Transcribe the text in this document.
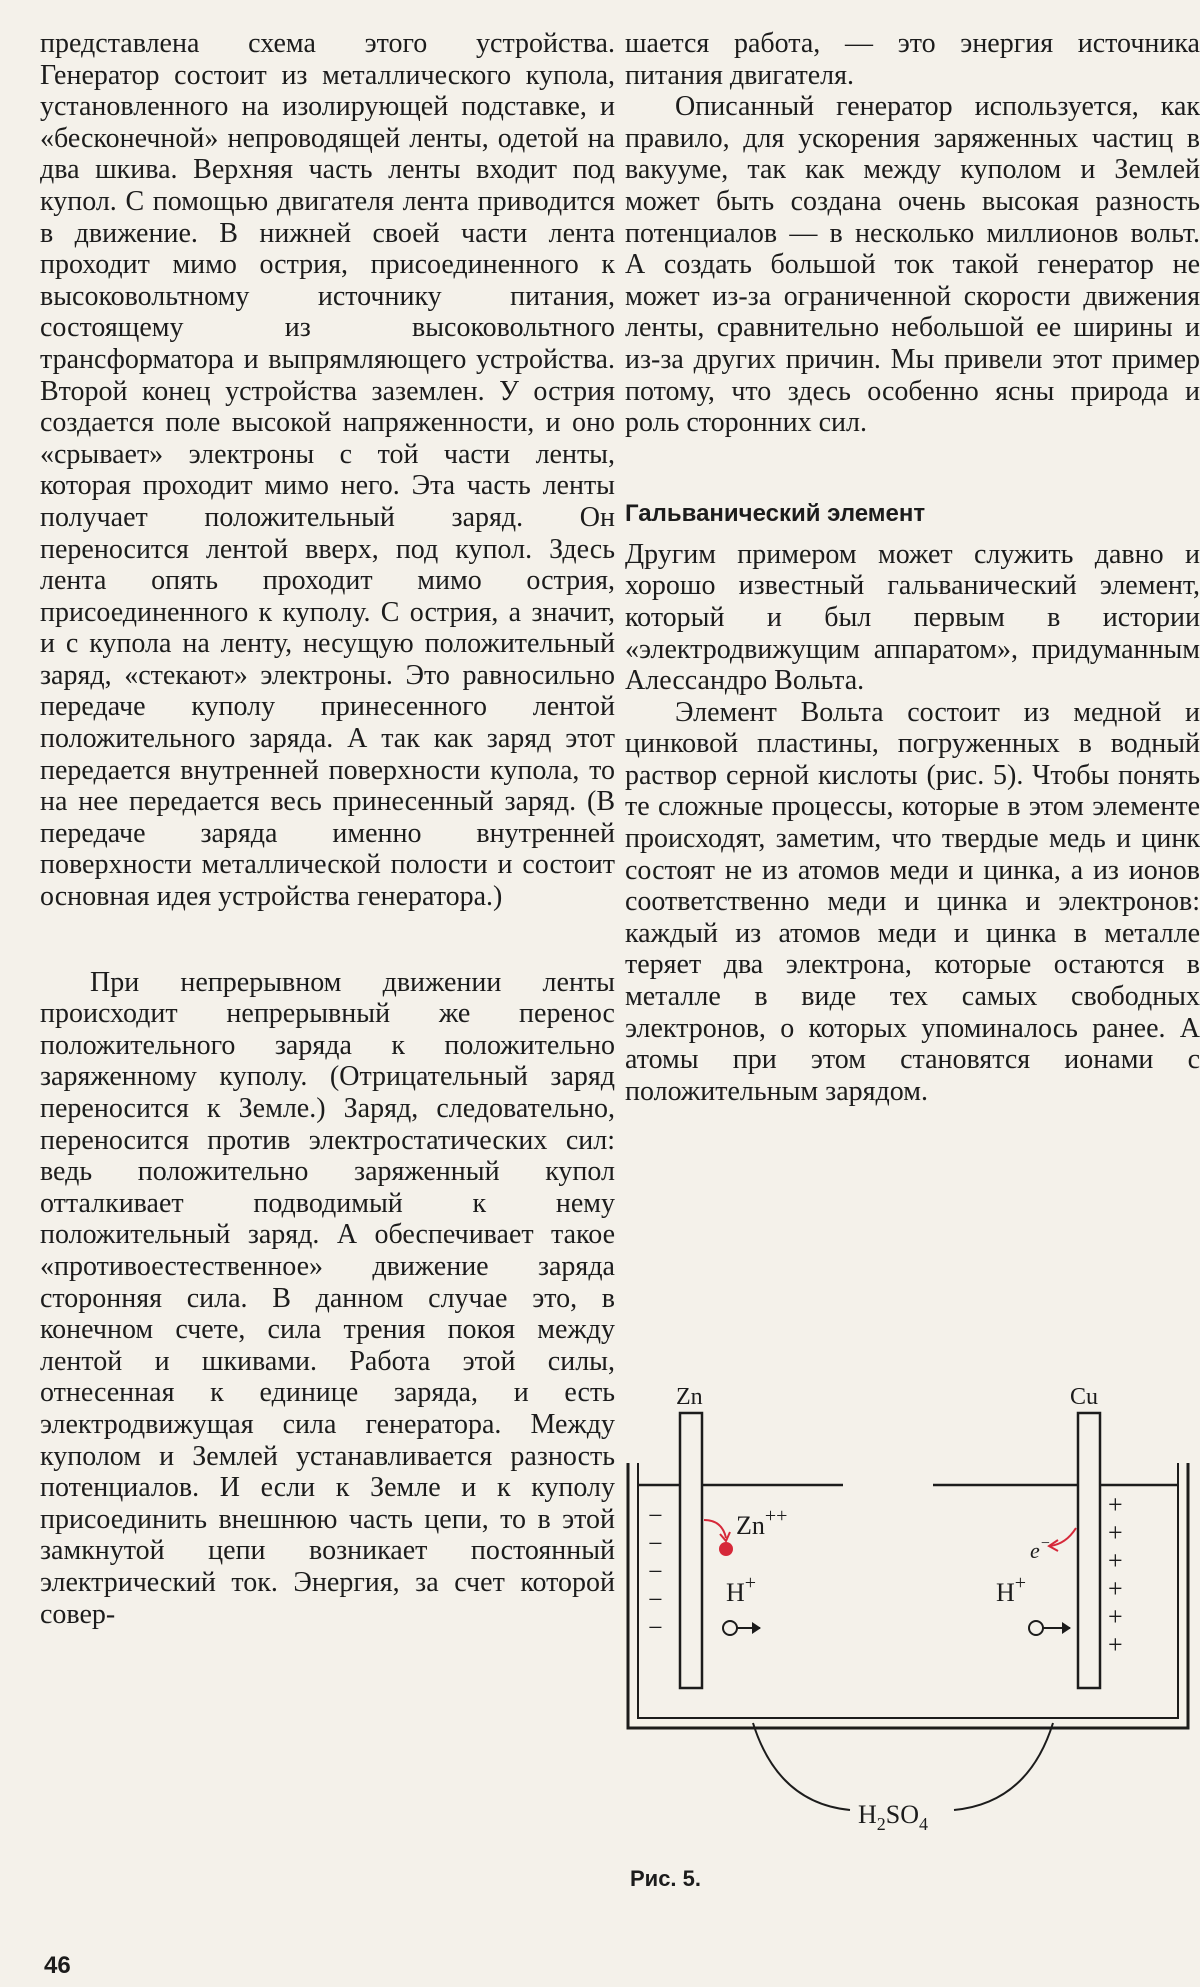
представлена схема этого устройства. Генератор состоит из металлического купола, установленного на изолирующей подставке, и «бесконечной» непроводящей ленты, одетой на два шкива. Верхняя часть ленты входит под купол. С помощью двигателя лента приводится в движение. В нижней своей части лента проходит мимо острия, присоединенного к высоковольтному источнику питания, состоящему из высоковольтного трансформатора и выпрямляющего устройства. Второй конец устройства заземлен. У острия создается поле высокой напряженности, и оно «срывает» электроны с той части ленты, которая проходит мимо него. Эта часть ленты получает положительный заряд. Он переносится лентой вверх, под купол. Здесь лента опять проходит мимо острия, присоединенного к куполу. С острия, а значит, и с купола на ленту, несущую положительный заряд, «стекают» электроны. Это равносильно передаче куполу принесенного лентой положительного заряда. А так как заряд этот передается внутренней поверхности купола, то на нее передается весь принесенный заряд. (В передаче заряда именно внутренней поверхности металлической полости и состоит основная идея устройства генератора.)

При непрерывном движении ленты происходит непрерывный же перенос положительного заряда к положительно заряженному куполу. (Отрицательный заряд переносится к Земле.) Заряд, следовательно, переносится против электростатических сил: ведь положительно заряженный купол отталкивает подводимый к нему положительный заряд. А обеспечивает такое «противоестественное» движение заряда сторонняя сила. В данном случае это, в конечном счете, сила трения покоя между лентой и шкивами. Работа этой силы, отнесенная к единице заряда, и есть электродвижущая сила генератора. Между куполом и Землей устанавливается разность потенциалов. И если к Земле и к куполу присоединить внешнюю часть цепи, то в этой замкнутой цепи возникает постоянный электрический ток. Энергия, за счет которой совер-

шается работа, — это энергия источника питания двигателя.

Описанный генератор используется, как правило, для ускорения заряженных частиц в вакууме, так как между куполом и Землей может быть создана очень высокая разность потенциалов — в несколько миллионов вольт. А создать большой ток такой генератор не может из-за ограниченной скорости движения ленты, сравнительно небольшой ее ширины и из-за других причин. Мы привели этот пример потому, что здесь особенно ясны природа и роль сторонних сил.

Гальванический элемент

Другим примером может служить давно и хорошо известный гальванический элемент, который и был первым в истории «электродвижущим аппаратом», придуманным Алессандро Вольта.

Элемент Вольта состоит из медной и цинковой пластины, погруженных в водный раствор серной кислоты (рис. 5). Чтобы понять те сложные процессы, которые в этом элементе происходят, заметим, что твердые медь и цинк состоят не из атомов меди и цинка, а из ионов соответственно меди и цинка и электронов: каждый из атомов меди и цинка в металле теряет два электрона, которые остаются в металле в виде тех самых свободных электронов, о которых упоминалось ранее. А атомы при этом становятся ионами с положительным зарядом.

Zn	Cu
−
−
−
−
−
+
+
+
+
+
+
Zn++
H+
e−
H+
$H_2SO_4$
Рис. 5.
46
